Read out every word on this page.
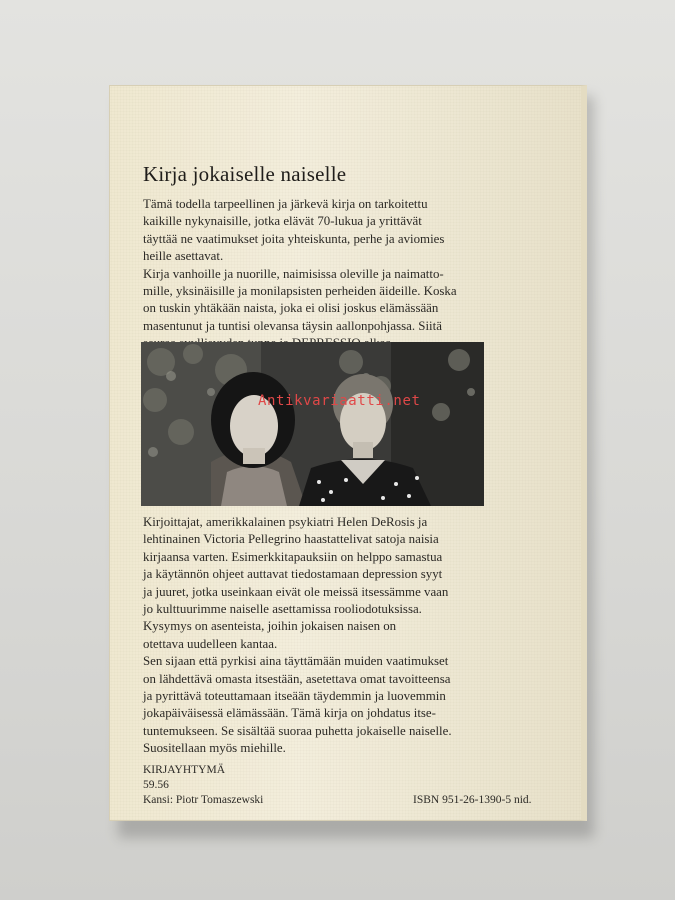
Kirja jokaiselle naiselle
Tämä todella tarpeellinen ja järkevä kirja on tarkoitettu
kaikille nykynaisille, jotka elävät 70-lukua ja yrittävät
täyttää ne vaatimukset joita yhteiskunta, perhe ja aviomies
heille asettavat.
Kirja vanhoille ja nuorille, naimisissa oleville ja naimatto-
mille, yksinäisille ja monilapsisten perheiden äideille. Koska
on tuskin yhtäkään naista, joka ei olisi joskus elämässään
masentunut ja tuntisi olevansa täysin aallonpohjassa. Siitä
Kirjoittajat, amerikkalainen psykiatri Helen DeRosis ja
lehtinainen Victoria Pellegrino haastattelivat satoja naisia
kirjaansa varten. Esimerkkitapauksiin on helppo samastua
ja käytännön ohjeet auttavat tiedostamaan depression syyt
ja juuret, jotka useinkaan eivät ole meissä itsessämme vaan
jo kulttuurimme naiselle asettamissa rooliodotuksissa.
Kysymys on asenteista, joihin jokaisen naisen on
otettava uudelleen kantaa.
Sen sijaan että pyrkisi aina täyttämään muiden vaatimukset
on lähdettävä omasta itsestään, asetettava omat tavoitteensa
ja pyrittävä toteuttamaan itseään täydemmin ja luovemmin
jokapäiväisessä elämässään. Tämä kirja on johdatus itse-
tuntemukseen. Se sisältää suoraa puhetta jokaiselle naiselle.
Suositellaan myös miehille.
KIRJAYHTYMÄ
59.56
Kansi: Piotr Tomaszewski	ISBN 951-26-1390-5 nid.
Antikvariaatti.net
